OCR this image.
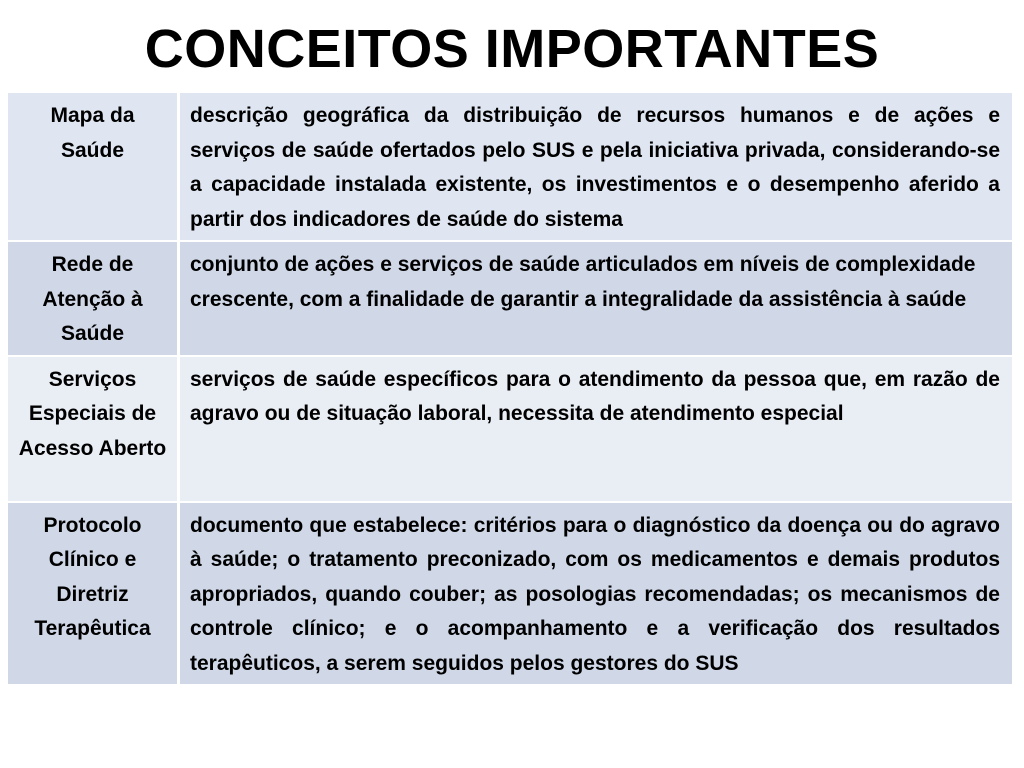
CONCEITOS IMPORTANTES
Mapa da Saúde	descrição geográfica da distribuição de recursos humanos e de ações e serviços de saúde ofertados pelo SUS e pela iniciativa privada, considerando-se a capacidade instalada existente, os investimentos e o desempenho aferido a partir dos indicadores de saúde do sistema

Rede de Atenção à Saúde	conjunto de ações e serviços de saúde articulados em níveis de complexidade crescente, com a finalidade de garantir a integralidade da assistência à saúde

Serviços Especiais de Acesso Aberto	serviços de saúde específicos para o atendimento da pessoa que, em razão de agravo ou de situação laboral, necessita de atendimento especial

Protocolo Clínico e Diretriz Terapêutica	documento que estabelece: critérios para o diagnóstico da doença ou do agravo à saúde; o tratamento preconizado, com os medicamentos e demais produtos apropriados, quando couber; as posologias recomendadas; os mecanismos de controle clínico; e o acompanhamento e a verificação dos resultados terapêuticos, a serem seguidos pelos gestores do SUS
